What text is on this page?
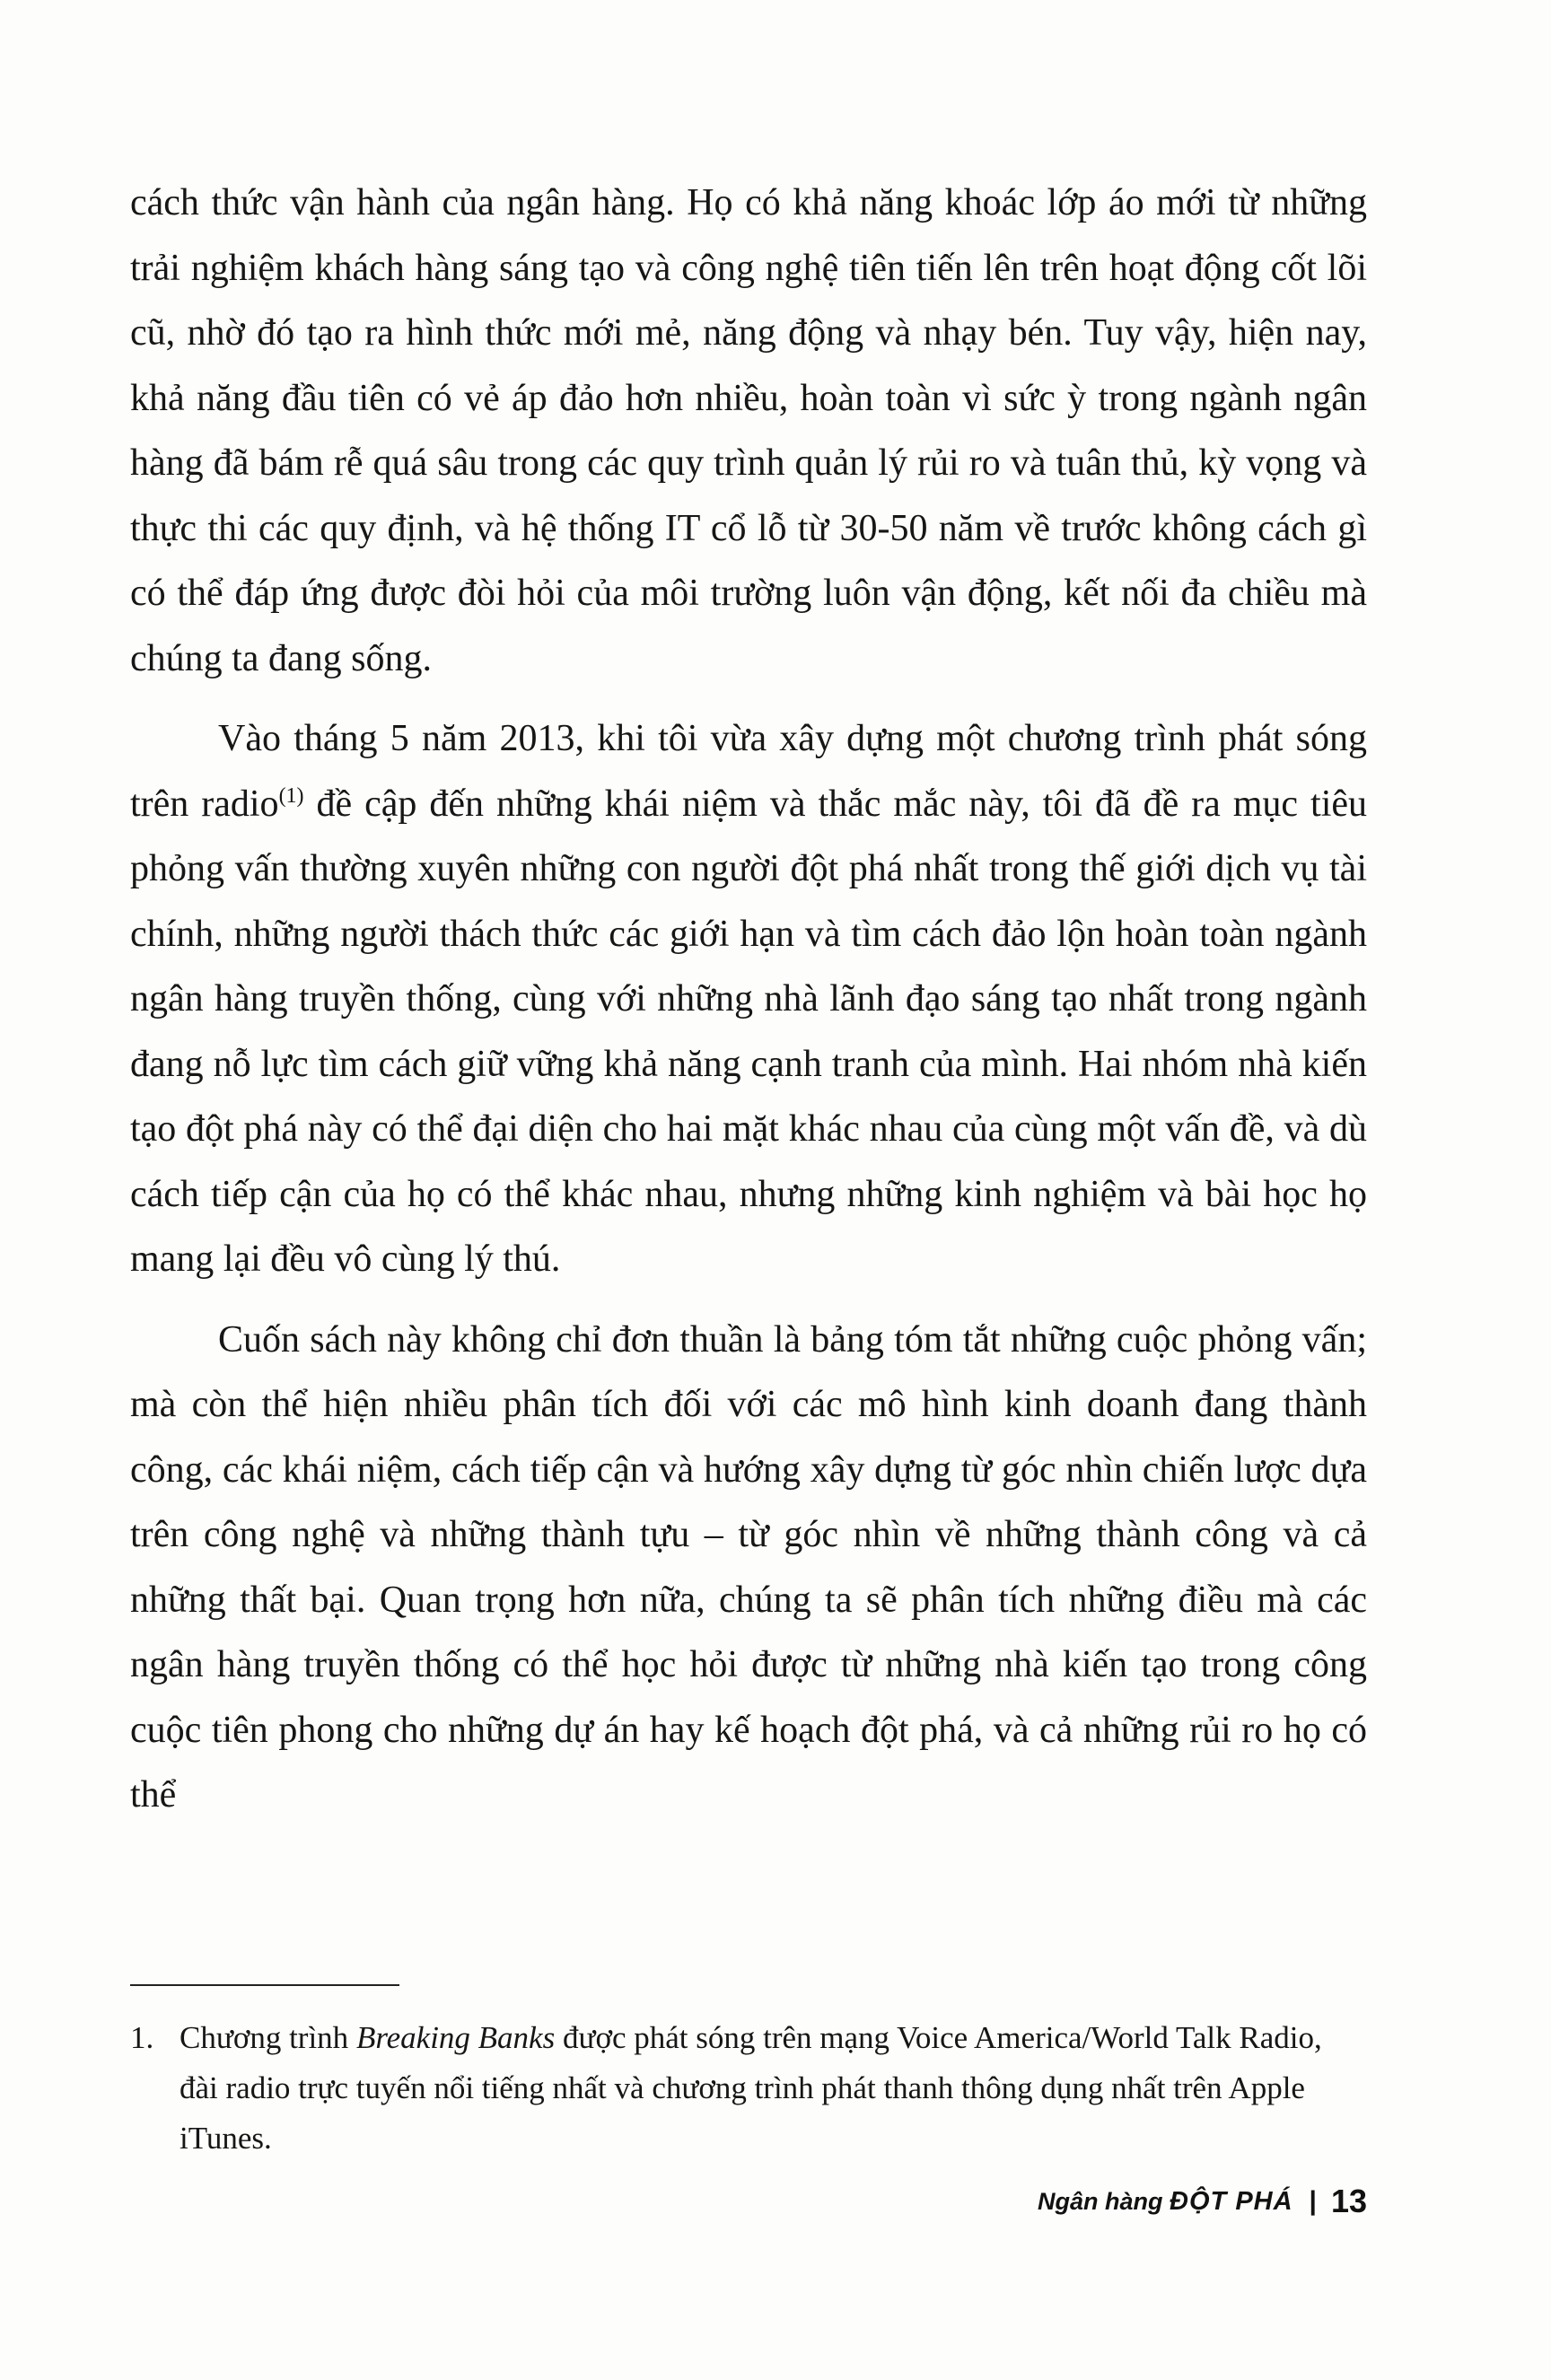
cách thức vận hành của ngân hàng. Họ có khả năng khoác lớp áo mới từ những trải nghiệm khách hàng sáng tạo và công nghệ tiên tiến lên trên hoạt động cốt lõi cũ, nhờ đó tạo ra hình thức mới mẻ, năng động và nhạy bén. Tuy vậy, hiện nay, khả năng đầu tiên có vẻ áp đảo hơn nhiều, hoàn toàn vì sức ỳ trong ngành ngân hàng đã bám rễ quá sâu trong các quy trình quản lý rủi ro và tuân thủ, kỳ vọng và thực thi các quy định, và hệ thống IT cổ lỗ từ 30-50 năm về trước không cách gì có thể đáp ứng được đòi hỏi của môi trường luôn vận động, kết nối đa chiều mà chúng ta đang sống.

Vào tháng 5 năm 2013, khi tôi vừa xây dựng một chương trình phát sóng trên radio$^{(1)}$ đề cập đến những khái niệm và thắc mắc này, tôi đã đề ra mục tiêu phỏng vấn thường xuyên những con người đột phá nhất trong thế giới dịch vụ tài chính, những người thách thức các giới hạn và tìm cách đảo lộn hoàn toàn ngành ngân hàng truyền thống, cùng với những nhà lãnh đạo sáng tạo nhất trong ngành đang nỗ lực tìm cách giữ vững khả năng cạnh tranh của mình. Hai nhóm nhà kiến tạo đột phá này có thể đại diện cho hai mặt khác nhau của cùng một vấn đề, và dù cách tiếp cận của họ có thể khác nhau, nhưng những kinh nghiệm và bài học họ mang lại đều vô cùng lý thú.

Cuốn sách này không chỉ đơn thuần là bảng tóm tắt những cuộc phỏng vấn; mà còn thể hiện nhiều phân tích đối với các mô hình kinh doanh đang thành công, các khái niệm, cách tiếp cận và hướng xây dựng từ góc nhìn chiến lược dựa trên công nghệ và những thành tựu – từ góc nhìn về những thành công và cả những thất bại. Quan trọng hơn nữa, chúng ta sẽ phân tích những điều mà các ngân hàng truyền thống có thể học hỏi được từ những nhà kiến tạo trong công cuộc tiên phong cho những dự án hay kế hoạch đột phá, và cả những rủi ro họ có thể

1. Chương trình Breaking Banks được phát sóng trên mạng Voice America/World Talk Radio, đài radio trực tuyến nổi tiếng nhất và chương trình phát thanh thông dụng nhất trên Apple iTunes.
Ngân hàng ĐỘT PHÁ | 13
